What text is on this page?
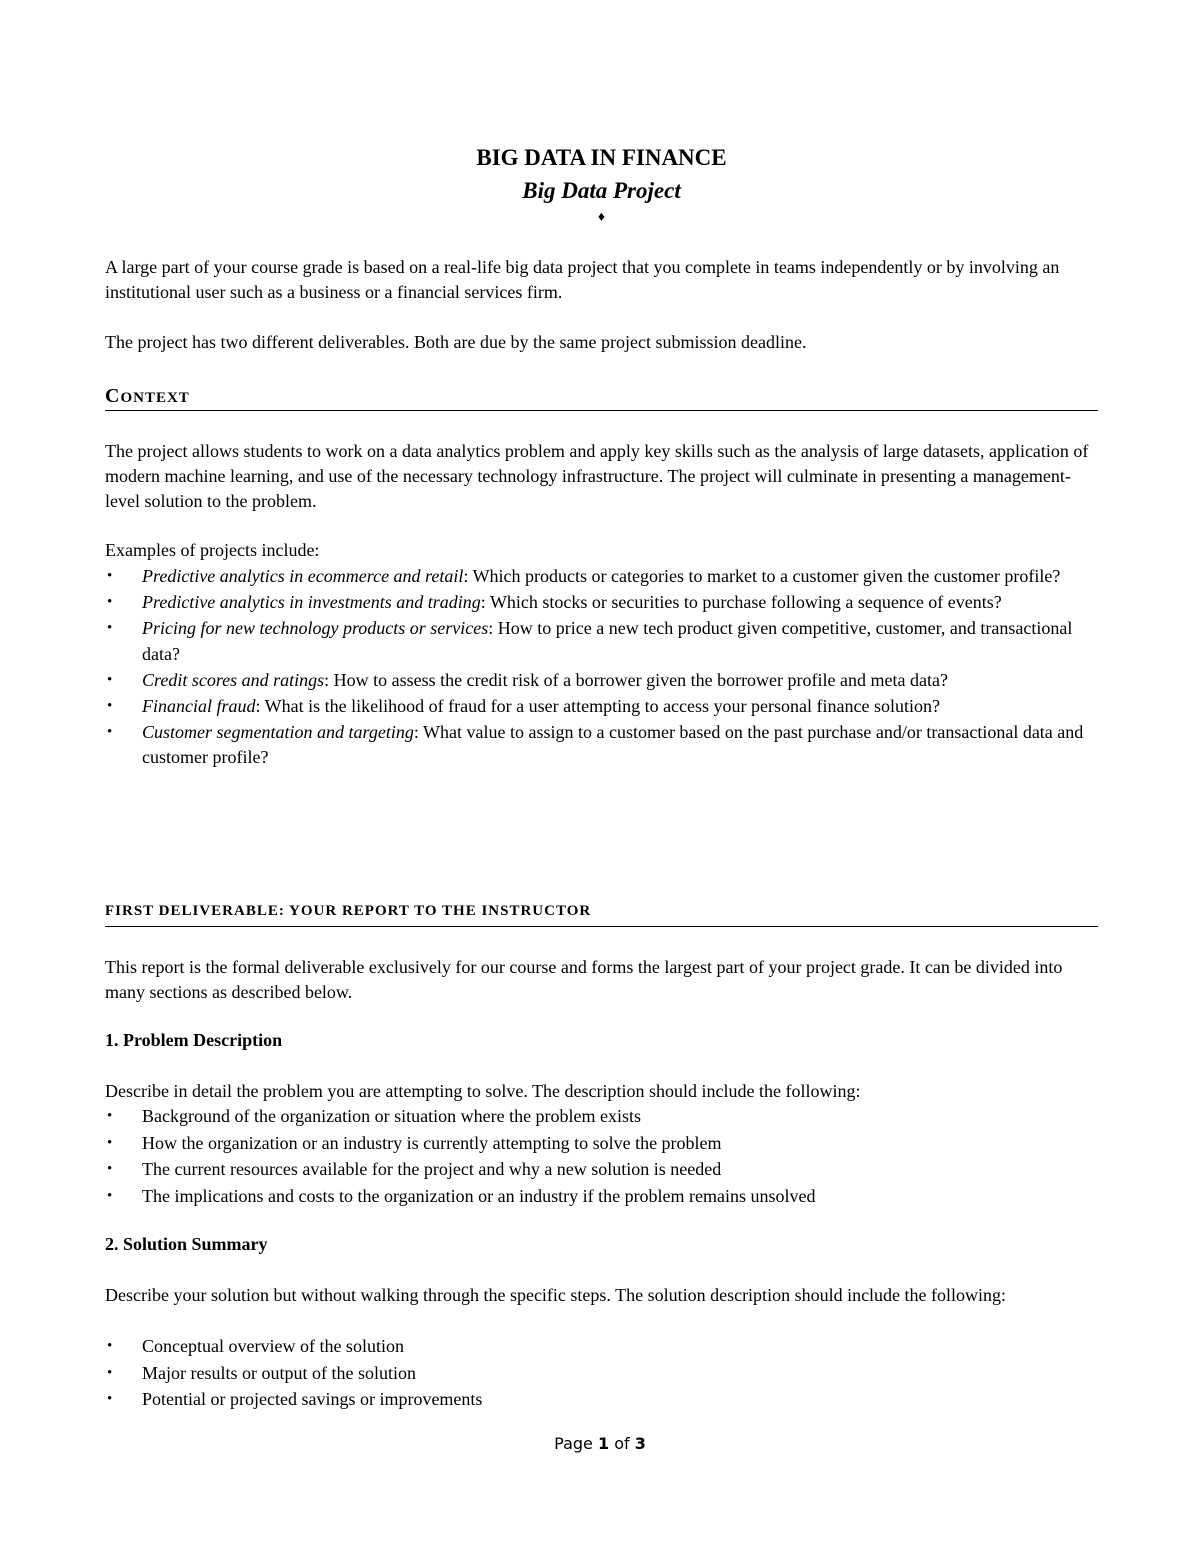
BIG DATA IN FINANCE
Big Data Project
♦

A large part of your course grade is based on a real-life big data project that you complete in teams independently or by involving an institutional user such as a business or a financial services firm.

The project has two different deliverables. Both are due by the same project submission deadline.

CONTEXT

The project allows students to work on a data analytics problem and apply key skills such as the analysis of large datasets, application of modern machine learning, and use of the necessary technology infrastructure. The project will culminate in presenting a management-level solution to the problem.

Examples of projects include:

• Predictive analytics in ecommerce and retail: Which products or categories to market to a customer given the customer profile?
• Predictive analytics in investments and trading: Which stocks or securities to purchase following a sequence of events?
• Pricing for new technology products or services: How to price a new tech product given competitive, customer, and transactional data?
• Credit scores and ratings: How to assess the credit risk of a borrower given the borrower profile and meta data?
• Financial fraud: What is the likelihood of fraud for a user attempting to access your personal finance solution?
• Customer segmentation and targeting: What value to assign to a customer based on the past purchase and/or transactional data and customer profile?
FIRST DELIVERABLE: YOUR REPORT TO THE INSTRUCTOR

This report is the formal deliverable exclusively for our course and forms the largest part of your project grade. It can be divided into many sections as described below.

1. Problem Description

Describe in detail the problem you are attempting to solve. The description should include the following:

• Background of the organization or situation where the problem exists
• How the organization or an industry is currently attempting to solve the problem
• The current resources available for the project and why a new solution is needed
• The implications and costs to the organization or an industry if the problem remains unsolved
2. Solution Summary

Describe your solution but without walking through the specific steps. The solution description should include the following:

• Conceptual overview of the solution
• Major results or output of the solution
• Potential or projected savings or improvements
Page 1 of 3
